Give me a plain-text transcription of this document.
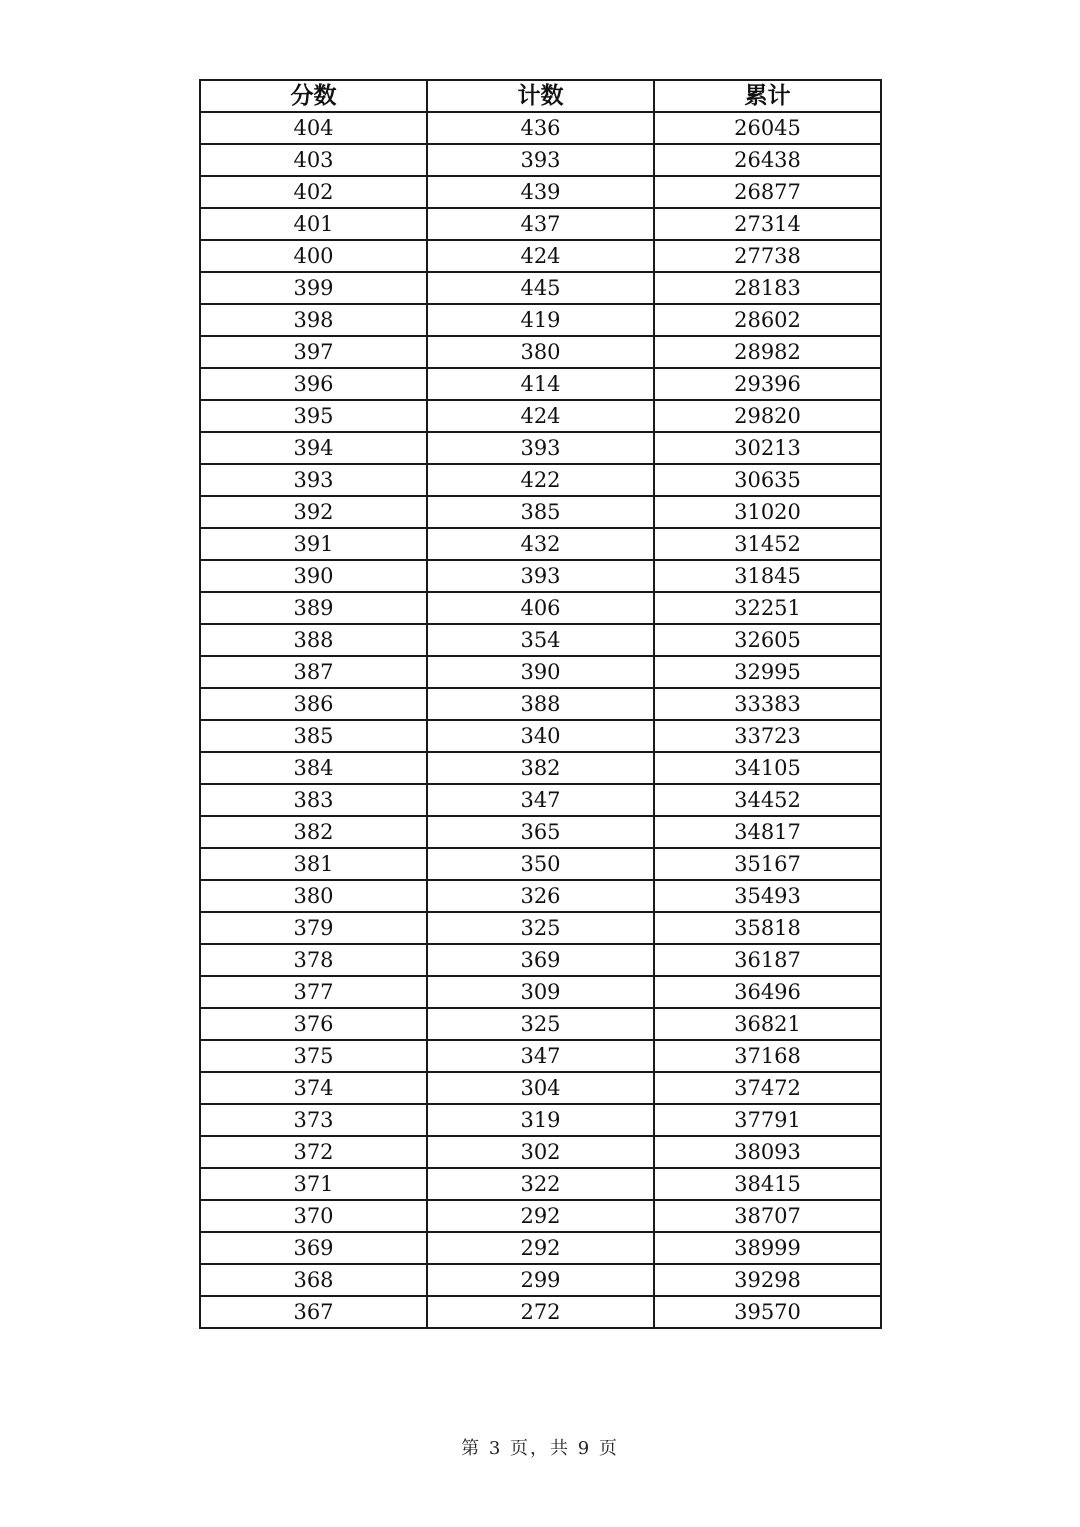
分数	计数	累计
404	436	26045
403	393	26438
402	439	26877
401	437	27314
400	424	27738
399	445	28183
398	419	28602
397	380	28982
396	414	29396
395	424	29820
394	393	30213
393	422	30635
392	385	31020
391	432	31452
390	393	31845
389	406	32251
388	354	32605
387	390	32995
386	388	33383
385	340	33723
384	382	34105
383	347	34452
382	365	34817
381	350	35167
380	326	35493
379	325	35818
378	369	36187
377	309	36496
376	325	36821
375	347	37168
374	304	37472
373	319	37791
372	302	38093
371	322	38415
370	292	38707
369	292	38999
368	299	39298
367	272	39570
第 3 页，共 9 页
